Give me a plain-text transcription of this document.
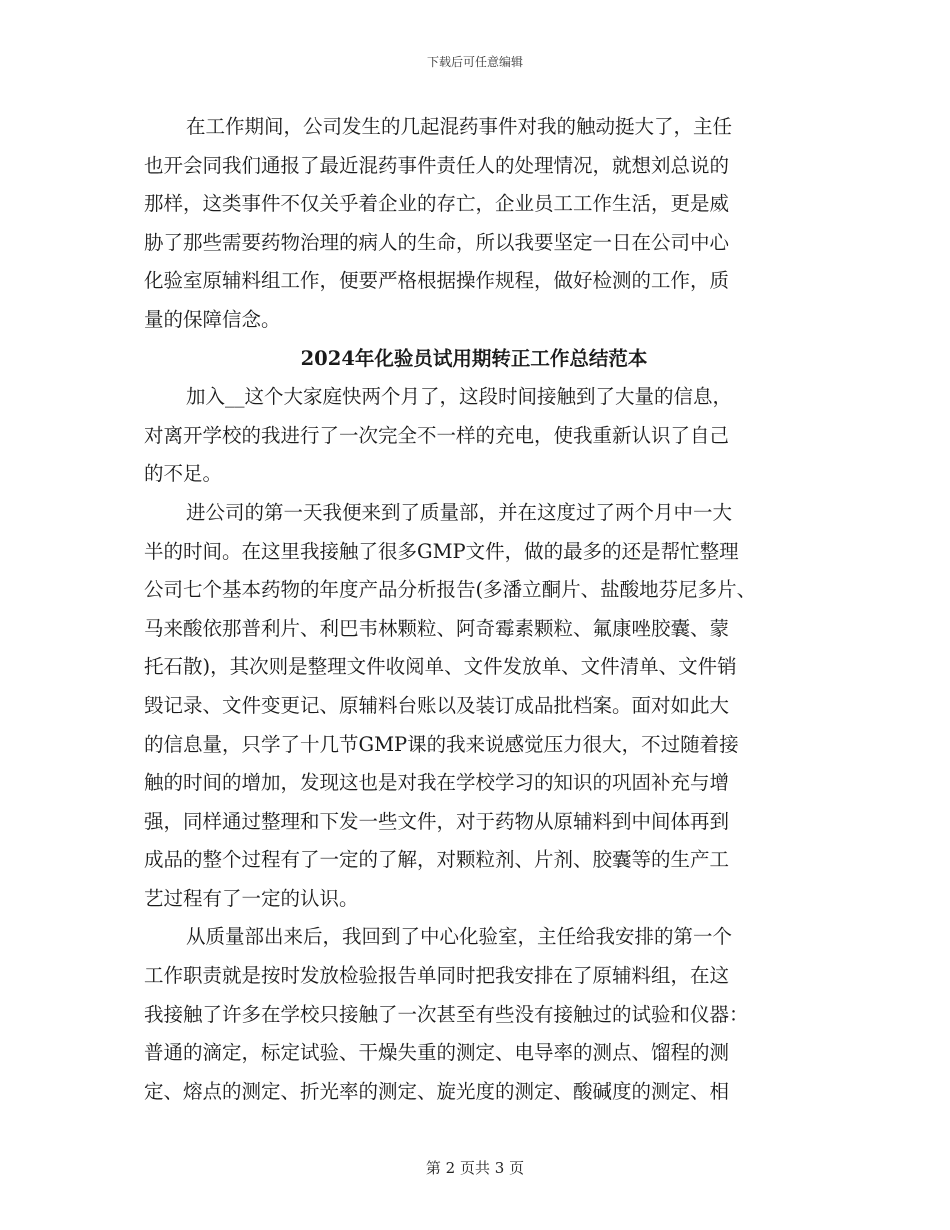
下载后可任意编辑

在工作期间，公司发生的几起混药事件对我的触动挺大了，主任
也开会同我们通报了最近混药事件责任人的处理情况，就想刘总说的
那样，这类事件不仅关乎着企业的存亡，企业员工工作生活，更是威
胁了那些需要药物治理的病人的生命，所以我要坚定一日在公司中心
化验室原辅料组工作，便要严格根据操作规程，做好检测的工作，质
量的保障信念。

2024年化验员试用期转正工作总结范本

加入__这个大家庭快两个月了，这段时间接触到了大量的信息，
对离开学校的我进行了一次完全不一样的充电，使我重新认识了自己
的不足。

进公司的第一天我便来到了质量部，并在这度过了两个月中一大
半的时间。在这里我接触了很多GMP文件，做的最多的还是帮忙整理
公司七个基本药物的年度产品分析报告(多潘立酮片、盐酸地芬尼多片、
马来酸依那普利片、利巴韦林颗粒、阿奇霉素颗粒、氟康唑胶囊、蒙
托石散)，其次则是整理文件收阅单、文件发放单、文件清单、文件销
毁记录、文件变更记、原辅料台账以及装订成品批档案。面对如此大
的信息量，只学了十几节GMP课的我来说感觉压力很大，不过随着接
触的时间的增加，发现这也是对我在学校学习的知识的巩固补充与增
强，同样通过整理和下发一些文件，对于药物从原辅料到中间体再到
成品的整个过程有了一定的了解，对颗粒剂、片剂、胶囊等的生产工
艺过程有了一定的认识。

从质量部出来后，我回到了中心化验室，主任给我安排的第一个
工作职责就是按时发放检验报告单同时把我安排在了原辅料组，在这
我接触了许多在学校只接触了一次甚至有些没有接触过的试验和仪器：
普通的滴定，标定试验、干燥失重的测定、电导率的测点、馏程的测
定、熔点的测定、折光率的测定、旋光度的测定、酸碱度的测定、相

第 2 页共 3 页
